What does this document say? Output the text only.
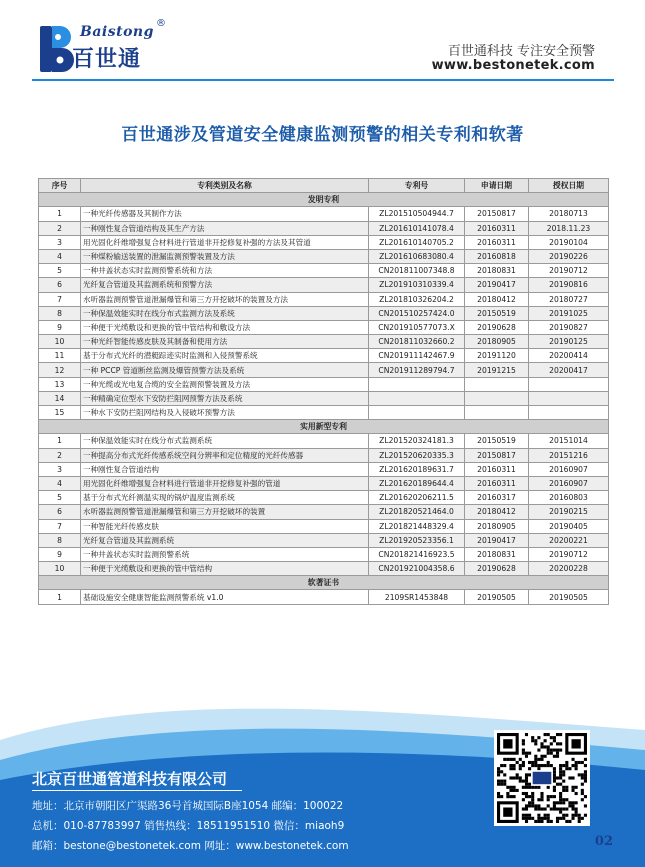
Baistong
®
百世通	百世通科技 专注安全预警
www.bestonetek.com
百世通涉及管道安全健康监测预警的相关专利和软著
序号	专利类别及名称	专利号	申请日期	授权日期
发明专利				
1	一种光纤传感器及其制作方法	ZL201510504944.7	20150817	20180713
2	一种刚性复合管道结构及其生产方法	ZL201610141078.4	20160311	2018.11.23
3	用光固化纤维增强复合材料进行管道非开挖修复补强的方法及其管道	ZL201610140705.2	20160311	20190104
4	一种煤粉输送装置的泄漏监测预警装置及方法	ZL201610683080.4	20160818	20190226
5	一种井盖状态实时监测预警系统和方法	CN201811007348.8	20180831	20190712
6	光纤复合管道及其监测系统和预警方法	ZL201910310339.4	20190417	20190816
7	水听器监测预警管道泄漏爆管和第三方开挖破坏的装置及方法	ZL201810326204.2	20180412	20180727
8	一种保温效能实时在线分布式监测方法及系统	CN201510257424.0	20150519	20191025
9	一种便于光缆敷设和更换的管中管结构和敷设方法	CN201910577073.X	20190628	20190827
10	一种光纤智能传感皮肤及其制备和使用方法	CN201811032660.2	20180905	20190125
11	基于分布式光纤的潜艇踪迹实时监测和入侵预警系统	CN201911142467.9	20191120	20200414
12	一种 PCCP 管道断丝监测及爆管预警方法及系统	CN201911289794.7	20191215	20200417
13	一种光缆或光电复合缆的安全监测预警装置及方法			
14	一种精确定位型水下安防拦阻网预警方法及系统			
15	一种水下安防拦阻网结构及入侵破坏预警方法			
实用新型专利				
1	一种保温效能实时在线分布式监测系统	ZL201520324181.3	20150519	20151014
2	一种提高分布式光纤传感系统空间分辨率和定位精度的光纤传感器	ZL201520620335.3	20150817	20151216
3	一种刚性复合管道结构	ZL201620189631.7	20160311	20160907
4	用光固化纤维增强复合材料进行管道非开挖修复补强的管道	ZL201620189644.4	20160311	20160907
5	基于分布式光纤测温实现的锅炉温度监测系统	ZL201620206211.5	20160317	20160803
6	水听器监测预警管道泄漏爆管和第三方开挖破坏的装置	ZL201820521464.0	20180412	20190215
7	一种智能光纤传感皮肤	ZL201821448329.4	20180905	20190405
8	光纤复合管道及其监测系统	ZL201920523356.1	20190417	20200221
9	一种井盖状态实时监测预警系统	CN201821416923.5	20180831	20190712
10	一种便于光缆敷设和更换的管中管结构	CN201921004358.6	20190628	20200228
软著证书				
1	基础设施安全健康智能监测预警系统 v1.0	2109SR1453848	20190505	20190505
北京百世通管道科技有限公司
地址：北京市朝阳区广渠路36号首城国际B座1054 邮编：100022
总机：010-87783997 销售热线：18511951510 微信：miaoh9
邮箱：bestone@bestonetek.com 网址：www.bestonetek.com	02
